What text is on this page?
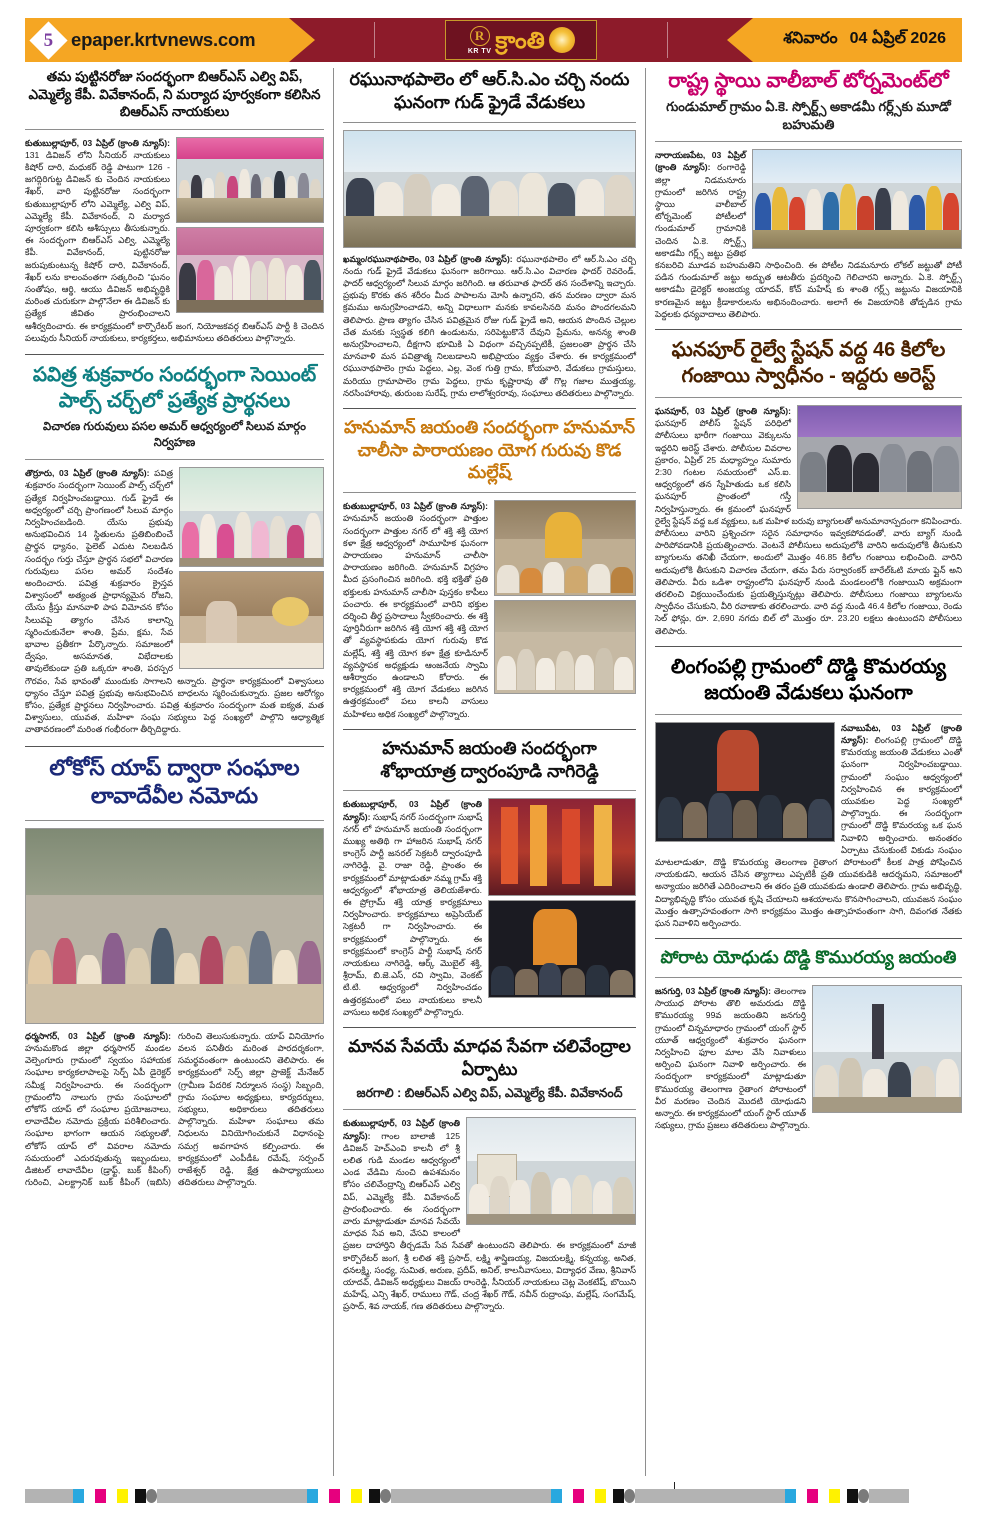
5 epaper.krtvnews.com	R
KR TV క్రాంతి	శనివారం 04 ఏప్రిల్ 2026
తమ పుట్టినరోజు సందర్భంగా బిఆర్ఎస్ ఎల్వి విప్, ఎమ్మెల్యే కేపీ. వివేకానంద్, ని మర్యాద పూర్వకంగా కలిసిన బిఆర్ఎస్ నాయకులు
కుతుబుల్లాపూర్, 03 ఏప్రిల్ (క్రాంతి న్యూస్): 131 డివిజన్ లోని సీనియర్ నాయకులు కిషోర్ దారి, మధుకర్ రెడ్డి పాటుగా 126 - జగద్గిరిగుట్ట డివిజన్ కు చెందిన నాయకులు శేఖర్, వారి పుట్టినరోజు సందర్భంగా కుతుబుల్లాపూర్ లోని ఎమ్మెల్యే, ఎల్వి విప్, ఎమ్మెల్యే కేపీ. వివేకానంద్, ని మర్యాద పూర్వకంగా కలిసి ఆశీస్సులు తీసుకున్నారు. ఈ సందర్భంగా బిఆర్ఎస్ ఎల్వి, ఎమ్మెల్యే కేపీ. వివేకానంద్, పుట్టినరోజు జరుపుకుంటున్న కిషోర్ దారి, వివేకానంద్, శేఖర్ లను కాలంవంతగా సత్కరించి “ఘనం సంతోషం, ఆర్థి, ఆయు డివిజన్ అభివృద్ధికి మరింత చురుకుగా పాల్గొనేలా ఈ డివిజన్ కు ప్రత్యేక జీవితం ప్రారంభించాలని ఆశీర్వదించారు. ఈ కార్యక్రమంలో కార్పొరేటర్ జంగ, నియోజకవర్గ బిఆర్ఎస్ పార్టీ కి చెందిన పలువురు సీనియర్ నాయకులు, కార్యకర్తలు, అభిమానులు తదితరులు పాల్గొన్నారు.
పవిత్ర శుక్రవారం సందర్భంగా సెయింట్ పాల్స్ చర్చ్‌లో ప్రత్యేక ప్రార్థనలు
విచారణ గురువులు పసల అమర్ ఆధ్వర్యంలో సిలువ మార్గం నిర్వహణ
తొర్రూరు, 03 ఏప్రిల్ (క్రాంతి న్యూస్): పవిత్ర శుక్రవారం సందర్భంగా సెయింట్ పాల్స్ చర్చ్‌లో ప్రత్యేక నిర్వహించబడ్డాయి. గుడ్ ఫ్రైడే ఈ అధ్వర్యంలో చర్చి ప్రాంగణంలో సిలువ మార్గం నిర్వహించబడింది. యేసు ప్రభువు అనుభవించిన 14 స్థితులను ప్రతిబింబించే ప్రార్థన ధ్యానం, పైలెట్ ఎదుట నిలబడిన సందర్భం గుర్తు చేస్తూ ప్రార్థన సభలో విచారణ గురువులు పసల అమర్ సందేశం అందించారు. పవిత్ర శుక్రవారం క్రైస్తవ విశ్వాసంలో అత్యంత ప్రాధాన్యమైన రోజని, యేసు క్రీస్తు మానవాళి పాప విమోచన కోసం సిలువపై త్యాగం చేసిన కాలాన్ని స్మరించుకునేలా శాంతి, ప్రేమ, క్షమ, సేవ భావాల ప్రతీకగా పేర్కొన్నారు. సమాజంలో ద్వేషం, అసమానత, విభేదాలకు తావులేకుండా ప్రతి ఒక్కరూ శాంతి, పరస్పర గౌరవం, సేవ భావంతో ముందుకు సాగాలని అన్నారు. ప్రార్థనా కార్యక్రమంలో విశ్వాసులు ధ్యానం చేస్తూ పవిత్ర ప్రభువు అనుభవించిన బాధలను స్మరించుకున్నారు. ప్రజల ఆరోగ్యం కోసం, ప్రత్యేక ప్రార్థనలు నిర్వహించారు. పవిత్ర శుక్రవారం సందర్భంగా మత ఐక్యత, మత విశ్వాసులు, యువత, మహిళా సంఘ సభ్యులు పెద్ద సంఖ్యలో పాల్గొని ఆధ్యాత్మిక వాతావరణంలో మరింత గంభీరంగా తీర్చిదిద్దారు.
లోకోస్ యాప్ ద్వారా సంఘాల లావాదేవీల నమోదు
ధర్మసాగర్, 03 ఏప్రిల్ (క్రాంతి న్యూస్): హనుమకొండ జిల్లా ధర్మసాగర్ మండల వెల్పెంగూరు గ్రామంలో స్వయం సహాయక సంఘాల కార్యకలాపాలపై సెర్ప్ ఏపీ డైరెక్టర్ సమీక్ష నిర్వహించారు. ఈ సందర్భంగా గ్రామంలోని నాలుగు గ్రామ సంఘాలలో లోకోస్ యాప్ లో సంఘాల ప్రయోజనాలు, లావాదేవీల నమోదు ప్రక్రియ పరిశీలించారు. సంఘాల భాగంగా ఆయన సభ్యులతో, లోకోస్ యాప్ లో వివరాల నమోదు సమయంలో ఎదురవుతున్న ఇబ్బందులు, డిజిటల్ లావాదేవీల (డ్రాఫ్ట్, బుక్ కీపింగ్) గురించి, ఎలక్ట్రానిక్ బుక్ కీపింగ్ (ఇబిసి) గురించి తెలుసుకున్నారు. యాప్ వినియోగం వలన పనితీరు మరింత పారదర్శకంగా, సమర్థవంతంగా ఉంటుందని తెలిపారు. ఈ కార్యక్రమంలో సెర్ప్ జిల్లా ప్రాజెక్ట్ మేనేజర్ (గ్రామీణ పేదరిక నిర్మూలన సంస్థ) సిబ్బంది, గ్రామ సంఘాల అధ్యక్షులు, కార్యదర్శులు, సభ్యులు, అధికారులు తదితరులు పాల్గొన్నారు. మహిళా సంఘాలు తమ నిధులను వినియోగించుకునే విధానంపై సమగ్ర అవగాహన కల్పించారు. ఈ కార్యక్రమంలో ఎంపీడీఓ రమేష్, సర్పంచ్ రాజేశ్వర్ రెడ్డి, క్షేత్ర ఉపాధ్యాయులు తదితరులు పాల్గొన్నారు.
రఘునాథపాలెం లో ఆర్.సి.ఎం చర్చి నందు ఘనంగా గుడ్ ఫ్రైడే వేడుకలు
ఖమ్మం/రఘునాథపాలెం, 03 ఏప్రిల్ (క్రాంతి న్యూస్): రఘునాథపాలెం లో ఆర్.సి.ఎం చర్చి నందు గుడ్ ఫ్రైడే వేడుకలు ఘనంగా జరిగాయి. ఆర్.సి.ఎం విచారణ ఫాదర్ రెవరెండ్, ఫాదర్ ఆధ్వర్యంలో సిలువ మార్గం జరిగింది. ఆ తరువాత ఫాదర్ తన సందేశాన్ని ఇచ్చారు. ప్రభువు కొరకు తన శరీరం మీద పాపాలను మోసి ఉన్నారని, తన మరణం ద్వారా మన క్రమము అనుగ్రహించాడని, అన్ని విధాలుగా మనకు కావలసినది మనం పొందగలమని తెలిపారు. ప్రాణ త్యాగం చేసిన పవిత్రమైన రోజు గుడ్ ఫ్రైడే అని, ఆయన పొందిన చెల్లుల చేత మనకు స్వస్థత కలిగి ఉండుటను, సరిపెట్టుకొనే దేవుని ప్రేమను, అనన్య శాంతి అనుగ్రహించాలని, దీక్షగాని భూమికి ఏ విధంగా వచ్చినప్పటికీ, ప్రజలంతా ప్రార్థన చేసి మానవాళి మన పవిత్రాత్మ నిలబడాలని అభిప్రాయం వ్యక్తం చేశారు. ఈ కార్యక్రమంలో రఘునాథపాలెం గ్రామ పెద్దలు, ఎల్ల, వెంక గుత్తి గ్రామ, కోయవారి, వేడుకలు గ్రామస్తులు, మరియు గ్రామాపాలెం గ్రామ పెద్దలు, గ్రామ కృష్ణారావు తో గొల్ల గజాల ముత్తయ్య, నరసింహారావు, తురుంబ సురేష్, గ్రామ లాలోశ్వరరావు, సంఘాలు తదితరులు పాల్గొన్నారు.
హనుమాన్ జయంతి సందర్భంగా హనుమాన్ చాలీసా పారాయణం యోగ గురువు కొడ మల్లేష్
కుతుబుల్లాపూర్, 03 ఏప్రిల్ (క్రాంతి న్యూస్): హనుమాన్ జయంతి సందర్భంగా పాత్తుల సందర్భంగా పాత్తుల నగర్ లో శక్తి శక్తి యోగ కళా క్షేత్ర ఆధ్వర్యంలో సామూహిక ఘనంగా పారాయణం హనుమాన్ చాలీసా పారాయణం జరిగింది. హనుమాన్ విగ్రహం మీద ప్రసంగించిన జరిగింది. భక్తి భక్తితో ప్రతి భక్తులకు హనుమాన్ చాలీసా పుస్తకం కాపీలు పంచారు. ఈ కార్యక్రమంలో వారిని భక్తుల దర్శించి తీర్థ ప్రసాదాలు స్వీకరించారు. ఈ శక్తి పూర్తినీరుగా జరిగిన శక్తి యోగ శక్తి శక్తి యోగ తో వ్యవస్థాపకుడు యోగ గురువు కొడ మల్లేష్, శక్తి శక్తి యోగ కళా క్షేత్ర కూడినూర్ వ్యవస్థాపక అధ్యక్షుడు ఆంజనేయ స్వామి ఆశీర్వాదం ఉండాలని కోరారు. ఈ కార్యక్రమంలో శక్తి యోగ వేడుకలు జరిగిన ఉత్తరక్రమంలో పలు కాలనీ వాసులు మహిళలు అధిక సంఖ్యలో పాల్గొన్నారు.
హనుమాన్ జయంతి సందర్భంగా శోభాయాత్ర ద్వారంపూడి నాగిరెడ్డి
కుతుబుల్లాపూర్, 03 ఏప్రిల్ (క్రాంతి న్యూస్): సుభాష్ నగర్ సందర్భంగా సుభాష్ నగర్ లో హనుమాన్ జయంతి సందర్భంగా ముఖ్య అతిథి గా హాజరిన సుభాష్ నగర్ కాంగ్రెస్ పార్టీ జనరల్ సెక్రటరీ ద్వారంపూడి నాగిరెడ్డి, వై. రాజా రెడ్డి, ప్రాంతం ఈ కార్యక్రమంలో మాట్లాడుతూ నమ్మ గ్రామ్ శక్తి ఆధ్వర్యంలో శోభాయాత్ర తెలియజేశారు. ఈ ప్రోగ్రామ్ శక్తి యాత్ర కార్యక్రమాలు నిర్వహించారు. కార్యక్రమాలు అప్రెసియేట్ సెక్రటరీ గా నిర్వహించారు. ఈ కార్యక్రమంలో పాల్గొన్నారు. ఈ కార్యక్రమంలో కాంగ్రెస్ పార్టీ సుభాష్ నగర్ నాయకులు నాగిరెడ్డి, ఆర్క్ మొబైల్ శక్తి, శ్రీరామ్, బి.జె.ఎస్, రవి స్వామి, వెంకట్ టి.టి. ఆధ్వర్యంలో నిర్వహించడం ఉత్తరక్రమంలో పలు నాయకులు కాలనీ వాసులు అధిక సంఖ్యలో పాల్గొన్నారు.
మానవ సేవయే మాధవ సేవగా చలివేంద్రాల ఏర్పాటు
జరగాలి : బిఆర్ఎస్ ఎల్వి విప్, ఎమ్మెల్యే కేపీ. వివేకానంద్
కుతుబుల్లాపూర్, 03 ఏప్రిల్ (క్రాంతి న్యూస్): గాంల బాలాజీ 125 డివిజన్ హెచ్ఎంవి కాలనీ లో శ్రీ లలిత గుడి మండల ఆధ్వర్యంలో ఎండ వేడిమి నుంచి ఉపశమనం కోసం చలివేంద్రాన్ని బిఆర్ఎస్ ఎల్వి విప్, ఎమ్మెల్యే కేపీ. వివేకానంద్ ప్రారంభించారు. ఈ సందర్భంగా వారు మాట్లాడుతూ మానవ సేవయే మాధవ సేవ అని, వేసవి కాలంలో ప్రజల దాహార్తిని తీర్చడమే సేవ సేవతో ఉంటుందని తెలిపారు. ఈ కార్యక్రమంలో మాజీ కార్పొరేటర్ జంగ, శ్రీ లలిత శక్తి ప్రసాద్, లక్ష్మి శాస్త్రిణయ్య, విజయలక్ష్మి, కన్నయ్య, అనిత, ధనలక్ష్మి, సంధ్య, సుమిత, అరుణ, ప్రదీప్, అనిల్, కాలనీవాసులు, విద్యాధర వేణు, శ్రీనివాస్ యాదవ్, డివిజన్ అధ్యక్షులు విజయ్ రాంరెడ్డి, సీనియర్ నాయకులు చెట్ల వెంకటేష్, బొయిని మహేష్, ఎన్సి శేఖర్, రాములు గౌడ్, చంద్ర శేఖర్ గౌడ్, నవీన్ రుద్రాంషు, మల్లేష్, సంగమేష్, ప్రసాద్, శివ నాయక్, గణ తదితరులు పాల్గొన్నారు.
రాష్ట్ర స్థాయి వాలీబాల్ టోర్నమెంట్‌లో
గుండుమాల్ గ్రామం ఏ.కె. స్పోర్ట్స్ అకాడమీ గర్ల్స్‌కు మూడో బహుమతి
నారాయణపేట, 03 ఏప్రిల్ (క్రాంతి న్యూస్): రంగారెడ్డి జిల్లా నిడమనూరు గ్రామంలో జరిగిన రాష్ట్ర స్థాయి వాలీబాల్ టోర్నమెంట్ పోటీలలో గుండుమాల్ గ్రామానికి చెందిన ఏ.కె. స్పోర్ట్స్ అకాడమీ గర్ల్స్ జట్టు ప్రతిభ కనబరిచి మూడవ బహుమతిని సాధించింది. ఈ పోటీల నిడమనూరు లోకల్ జట్టుతో పోటీ పడిన గుండుమాల్ జట్టు అద్భుత ఆటతీరు ప్రదర్శించి గెలిచారని అన్నారు. ఏ.కె. స్పోర్ట్స్ అకాడమీ డైరెక్టర్ అంజయ్య యాదవ్, కోచ్ మహేష్ కు శాంతి గర్ల్స్ జట్టును విజయానికి కారణమైన జట్టు క్రీడాకారులను అభినందించారు. అలాగే ఈ విజయానికి తోడ్పడిన గ్రామ పెద్దలకు ధన్యవాదాలు తెలిపారు.
ఘనపూర్ రైల్వే స్టేషన్ వద్ద 46 కిలోల గంజాయి స్వాధీనం - ఇద్దరు అరెస్ట్
ఘనపూర్, 03 ఏప్రిల్ (క్రాంతి న్యూస్): ఘనపూర్ పోలీస్ స్టేషన్ పరిధిలో పోలీసులు భారీగా గంజాయి వెక్కులను ఇద్దరిని అరెస్ట్ చేశారు. పోలీసుల వివరాల ప్రకారం, ఏప్రిల్ 25 మధ్యాహ్నం సుమారు 2:30 గంటల సమయంలో ఎస్.ఐ. ఆధ్వర్యంలో తన స్నేహితుడు ఒక కలిసి ఘనపూర్ ప్రాంతంలో గస్తీ నిర్వహిస్తున్నారు. ఈ క్రమంలో ఘనపూర్ రైల్వే స్టేషన్ వద్ద ఒక వ్యక్తులు, ఒక మహిళ బరువు బ్యాగులతో అనుమానాస్పదంగా కనిపించారు. పోలీసులు వారిని ప్రశ్నించగా సరైన సమాధానం ఇవ్వకపోవడంతో, వారు బ్యాగ్ నుండి పారిపోవడానికి ప్రయత్నించారు. వెంటనే పోలీసులు అదుపులోకి వారిని అదుపులోకి తీసుకుని బ్యాగులను తనిఖీ చేయగా, అందులో మొత్తం 46.85 కిలోల గంజాయి లభించింది. వారిని అదుపులోకి తీసుకుని విచారణ చేయగా, తమ పేరు సర్వారంకర్ బారేల్ఓటి మాయ ప్లైన్ అని తెలిపారు. వీరు ఒడిశా రాష్ట్రంలోని ఘనపూర్ నుండి మండలంలోకి గంజాయిని అక్రమంగా తరలించి విక్రయించేందుకు ప్రయత్నిస్తున్నట్లు తెలిపారు. పోలీసులు గంజాయి బ్యాగులను స్వాధీనం చేసుకుని, వీరి రవాణాకు తరలించారు. వారి వద్ద నుండి 46.4 కిలోల గంజాయి, రెండు సెల్ ఫోన్లు, రూ. 2,690 నగదు బిల్ లో మొత్తం రూ. 23.20 లక్షలు ఉంటుందని పోలీసులు తెలిపారు.
లింగంపల్లి గ్రామంలో దొడ్డి కొమరయ్య జయంతి వేడుకలు ఘనంగా
నవాబుపేట, 03 ఏప్రిల్ (క్రాంతి న్యూస్): లింగంపల్లి గ్రామంలో దొడ్డి కొమరయ్య జయంతి వేడుకలు ఎంతో ఘనంగా నిర్వహించబడ్డాయి. గ్రామంలో సంఘం ఆధ్వర్యంలో నిర్వహించిన ఈ కార్యక్రమంలో యువకుల పెద్ద సంఖ్యలో పాల్గొన్నారు. ఈ సందర్భంగా గ్రామంలో దొడ్డి కొమరయ్య ఒక ఘన నివాళిని అర్పించారు. అనంతరం ఏర్పాటు చేసుకుంటే వికుడు సంఘం మాటలాడుతూ, దొడ్డి కొమరయ్య తెలంగాణ రైతాంగ పోరాటంలో కీలక పాత్ర పోషించిన నాయకుడని, ఆయన చేసిన త్యాగాలు ఎప్పటికీ ప్రతి యువకుడికి ఆదర్శమని, సమాజంలో అన్యాయం జరిగితే ఎదిరించాలని ఈ తరం ప్రతి యువకుడు ఉండాలి తెలిపారు. గ్రామ అభివృద్ధి, విద్యాభివృద్ధి కోసం యువత కృషి చేయాలని ఆశయాలను కొనసాగించాలని, యువజన సంఘం మొత్తం ఉత్సాహవంతంగా సాగి కార్యక్రమం మొత్తం ఉత్సాహవంతంగా సాగి, దివంగత నేతకు ఘన నివాళిని అర్పించారు.
పోరాట యోధుడు దొడ్డి కొమురయ్య జయంతి
జనగుర్తి, 03 ఏప్రిల్ (క్రాంతి న్యూస్): తెలంగాణ సాయుధ పోరాట తొలి అమరుడు దొడ్డి కొమురయ్య 99వ జయంతిని జనగుర్తి గ్రామంలో చిన్నమాధారం గ్రామంలో యంగ్ స్టార్ యూత్ ఆధ్వర్యంలో శుక్రవారం ఘనంగా నిర్వహించి ఫూల మాల వేసి నివాళులు అర్పించి ఘనంగా నివాళి అర్పించారు. ఈ సందర్భంగా కార్యక్రమంలో మాట్లాడుతూ కొమురయ్య తెలంగాణ రైతాంగ పోరాటంలో వీర మరణం చెందిన మొదటి యోధుడని అన్నారు. ఈ కార్యక్రమంలో యంగ్ స్టార్ యూత్ సభ్యులు, గ్రామ ప్రజలు తదితరులు పాల్గొన్నారు.
